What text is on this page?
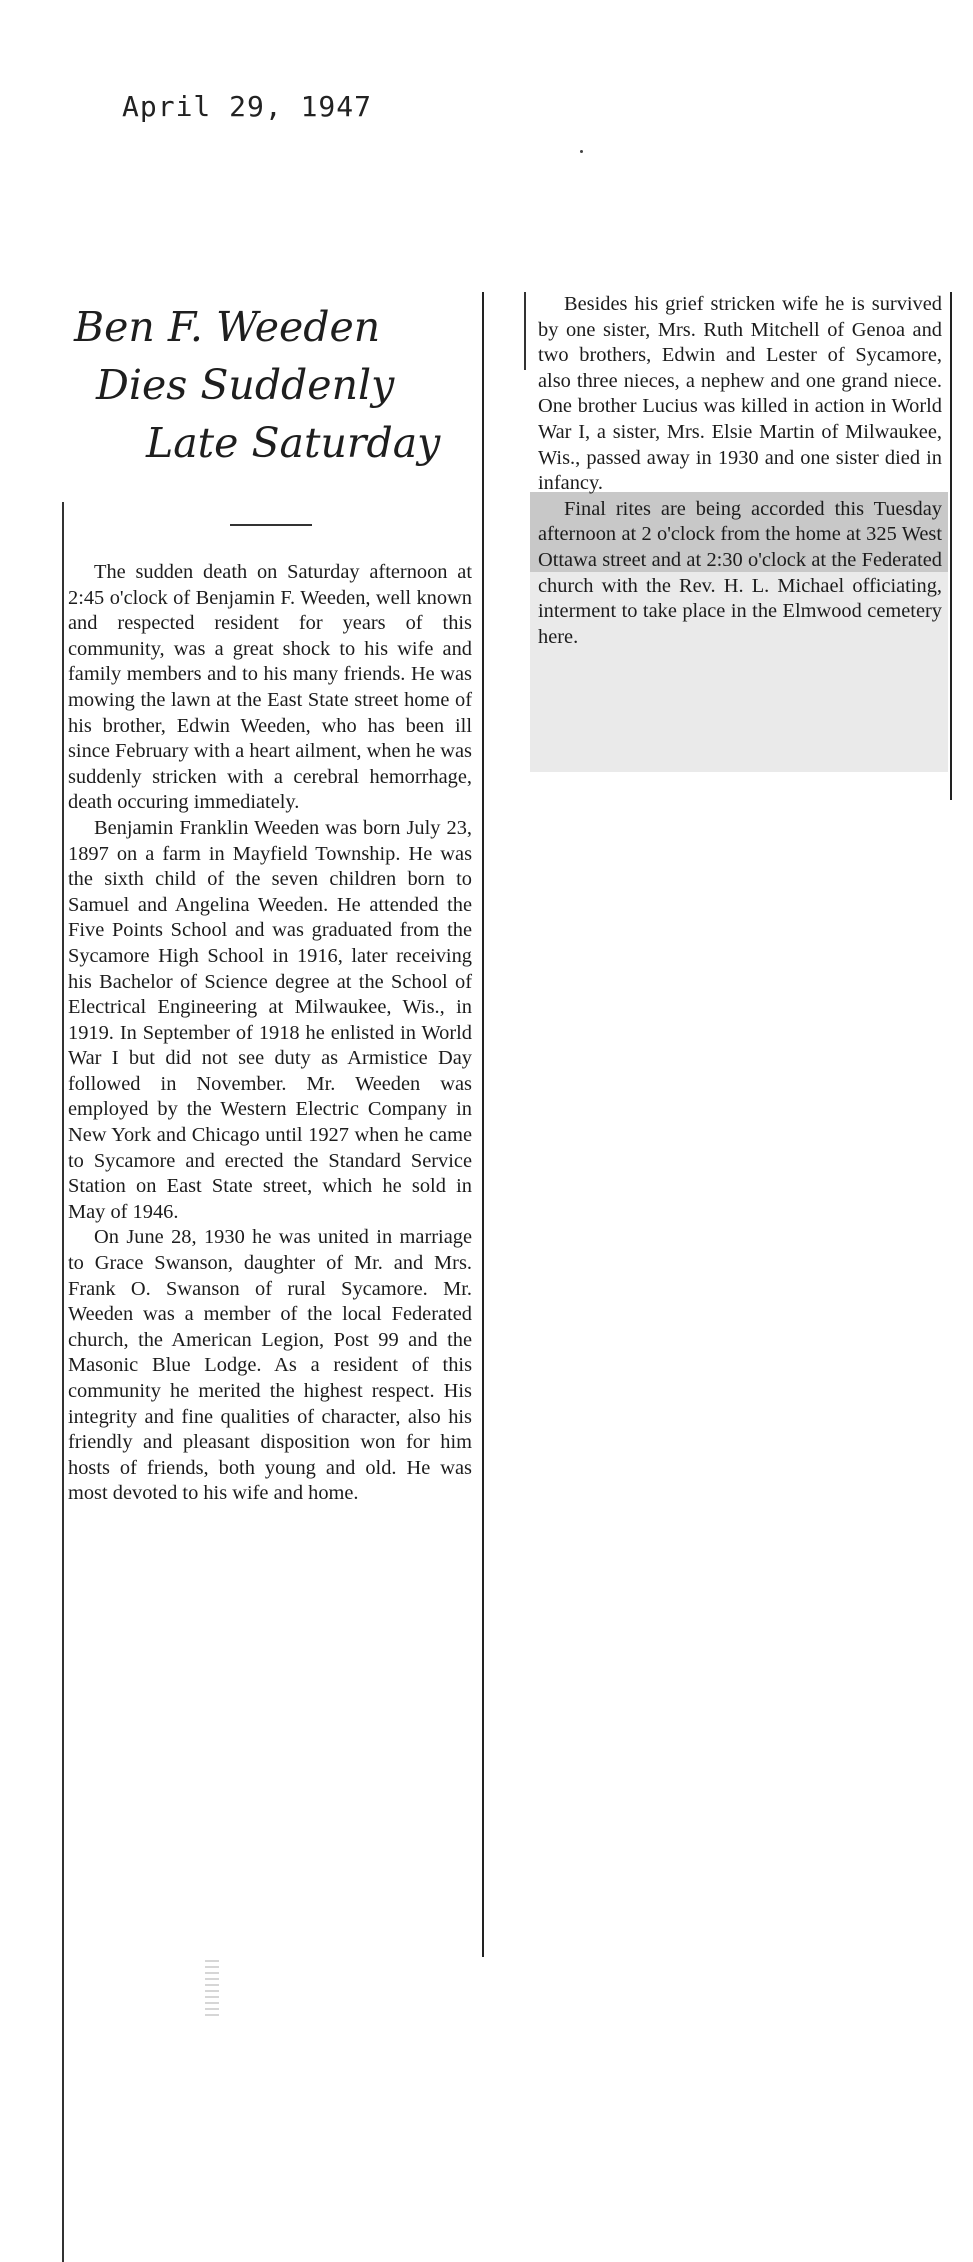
April 29, 1947
Ben F. Weeden
Dies Suddenly
Late Saturday

The sudden death on Saturday afternoon at 2:45 o'clock of Benjamin F. Weeden, well known and respected resident for years of this community, was a great shock to his wife and family members and to his many friends. He was mowing the lawn at the East State street home of his brother, Edwin Weeden, who has been ill since February with a heart ailment, when he was suddenly stricken with a cerebral hemorrhage, death occuring immediately.

Benjamin Franklin Weeden was born July 23, 1897 on a farm in Mayfield Township. He was the sixth child of the seven children born to Samuel and Angelina Weeden. He attended the Five Points School and was graduated from the Sycamore High School in 1916, later receiving his Bachelor of Science degree at the School of Electrical Engineering at Milwaukee, Wis., in 1919. In September of 1918 he enlisted in World War I but did not see duty as Armistice Day followed in November. Mr. Weeden was employed by the Western Electric Company in New York and Chicago until 1927 when he came to Sycamore and erected the Standard Service Station on East State street, which he sold in May of 1946.

On June 28, 1930 he was united in marriage to Grace Swanson, daughter of Mr. and Mrs. Frank O. Swanson of rural Sycamore. Mr. Weeden was a member of the local Federated church, the American Legion, Post 99 and the Masonic Blue Lodge. As a resident of this community he merited the highest respect. His integrity and fine qualities of character, also his friendly and pleasant disposition won for him hosts of friends, both young and old. He was most devoted to his wife and home.

Besides his grief stricken wife he is survived by one sister, Mrs. Ruth Mitchell of Genoa and two brothers, Edwin and Lester of Sycamore, also three nieces, a nephew and one grand niece. One brother Lucius was killed in action in World War I, a sister, Mrs. Elsie Martin of Milwaukee, Wis., passed away in 1930 and one sister died in infancy.

Final rites are being accorded this Tuesday afternoon at 2 o'clock from the home at 325 West Ottawa street and at 2:30 o'clock at the Federated church with the Rev. H. L. Michael officiating, interment to take place in the Elmwood cemetery here.
